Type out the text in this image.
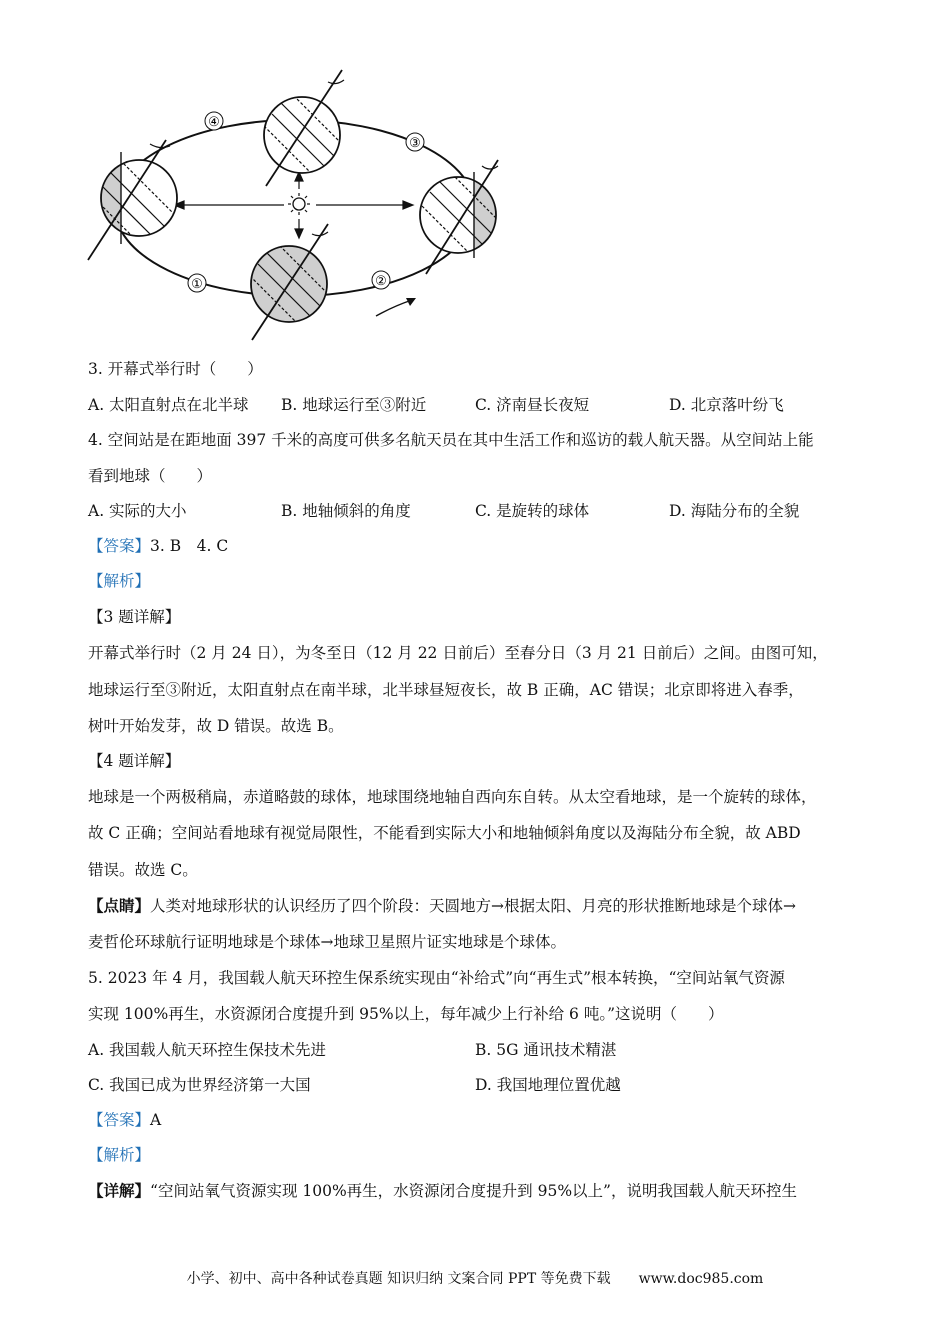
①	②
③
④
3. 开幕式举行时（　　）
A. 太阳直射点在北半球 B. 地球运行至③附近	C. 济南昼长夜短	D. 北京落叶纷飞
4. 空间站是在距地面 397 千米的高度可供多名航天员在其中生活工作和巡访的载人航天器。从空间站上能
看到地球（　　）
A. 实际的大小	B. 地轴倾斜的角度	C. 是旋转的球体	D. 海陆分布的全貌
【答案】3. B　4. C
【解析】
【3 题详解】
开幕式举行时（2 月 24 日），为冬至日（12 月 22 日前后）至春分日（3 月 21 日前后）之间。由图可知，
地球运行至③附近，太阳直射点在南半球，北半球昼短夜长，故 B 正确，AC 错误；北京即将进入春季，
树叶开始发芽，故 D 错误。故选 B。
【4 题详解】
地球是一个两极稍扁，赤道略鼓的球体，地球围绕地轴自西向东自转。从太空看地球，是一个旋转的球体，
故 C 正确；空间站看地球有视觉局限性，不能看到实际大小和地轴倾斜角度以及海陆分布全貌，故 ABD
错误。故选 C。
【点睛】人类对地球形状的认识经历了四个阶段：天圆地方→根据太阳、月亮的形状推断地球是个球体→
麦哲伦环球航行证明地球是个球体→地球卫星照片证实地球是个球体。
5. 2023 年 4 月，我国载人航天环控生保系统实现由“补给式”向“再生式”根本转换，“空间站氧气资源
实现 100%再生，水资源闭合度提升到 95%以上，每年减少上行补给 6 吨。”这说明（　　）
A. 我国载人航天环控生保技术先进	B. 5G 通讯技术精湛
C. 我国已成为世界经济第一大国	D. 我国地理位置优越
【答案】A
【解析】
【详解】“空间站氧气资源实现 100%再生，水资源闭合度提升到 95%以上”，说明我国载人航天环控生
小学、初中、高中各种试卷真题 知识归纳 文案合同 PPT 等免费下载　　www.doc985.com
